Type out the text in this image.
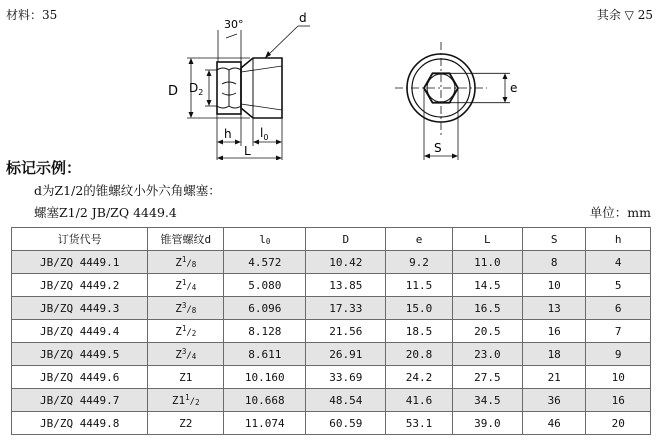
材料：35	其余 ▽ 25
30°	d
D $D_2$
h $l_0$
L
e
S
标记示例：
d为Z1/2的锥螺纹小外六角螺塞：
螺塞Z1/2 JB/ZQ 4449.4	单位：mm
订货代号	锥管螺纹d	$l_0$	D	e	L	S	h
JB/ZQ 4449.1	$Z^1/_8$	4.572	10.42	9.2	11.0	8	4
JB/ZQ 4449.2	$Z^1/_4$	5.080	13.85	11.5	14.5	10	5
JB/ZQ 4449.3	$Z^3/_8$	6.096	17.33	15.0	16.5	13	6
JB/ZQ 4449.4	$Z^1/_2$	8.128	21.56	18.5	20.5	16	7
JB/ZQ 4449.5	$Z^3/_4$	8.611	26.91	20.8	23.0	18	9
JB/ZQ 4449.6	Z1	10.160	33.69	24.2	27.5	21	10
JB/ZQ 4449.7	$Z1^1/_2$	10.668	48.54	41.6	34.5	36	16
JB/ZQ 4449.8	Z2	11.074	60.59	53.1	39.0	46	20
